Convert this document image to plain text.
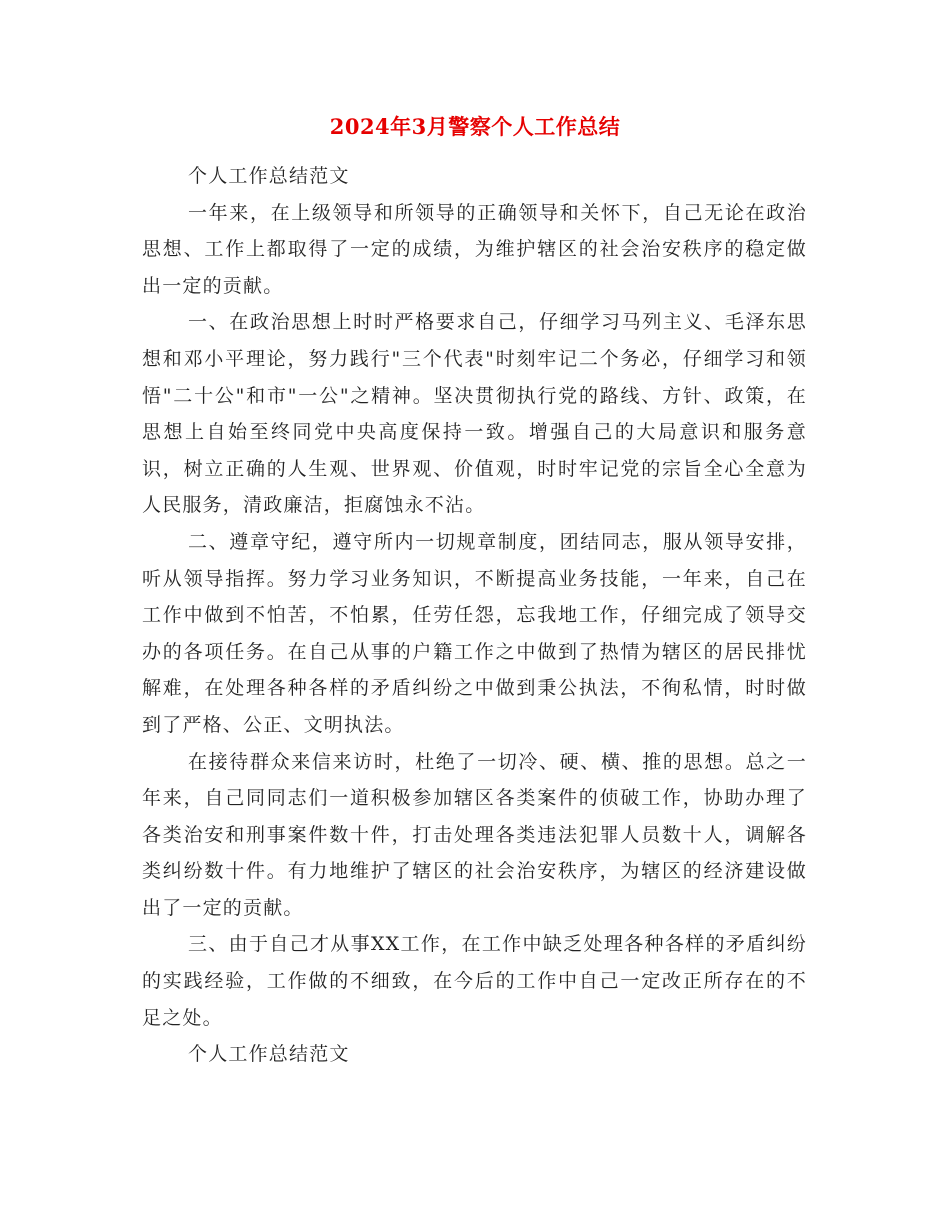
2024年3月警察个人工作总结

个人工作总结范文

一年来，在上级领导和所领导的正确领导和关怀下，自己无论在政治思想、工作上都取得了一定的成绩，为维护辖区的社会治安秩序的稳定做出一定的贡献。

一、在政治思想上时时严格要求自己，仔细学习马列主义、毛泽东思想和邓小平理论，努力践行"三个代表"时刻牢记二个务必，仔细学习和领悟"二十公"和市"一公"之精神。坚决贯彻执行党的路线、方针、政策，在思想上自始至终同党中央高度保持一致。增强自己的大局意识和服务意识，树立正确的人生观、世界观、价值观，时时牢记党的宗旨全心全意为人民服务，清政廉洁，拒腐蚀永不沾。

二、遵章守纪，遵守所内一切规章制度，团结同志，服从领导安排，听从领导指挥。努力学习业务知识，不断提高业务技能，一年来，自己在工作中做到不怕苦，不怕累，任劳任怨，忘我地工作，仔细完成了领导交办的各项任务。在自己从事的户籍工作之中做到了热情为辖区的居民排忧解难，在处理各种各样的矛盾纠纷之中做到秉公执法，不徇私情，时时做到了严格、公正、文明执法。

在接待群众来信来访时，杜绝了一切冷、硬、横、推的思想。总之一年来，自己同同志们一道积极参加辖区各类案件的侦破工作，协助办理了各类治安和刑事案件数十件，打击处理各类违法犯罪人员数十人，调解各类纠纷数十件。有力地维护了辖区的社会治安秩序，为辖区的经济建设做出了一定的贡献。

三、由于自己才从事XX工作，在工作中缺乏处理各种各样的矛盾纠纷的实践经验，工作做的不细致，在今后的工作中自己一定改正所存在的不足之处。

个人工作总结范文
